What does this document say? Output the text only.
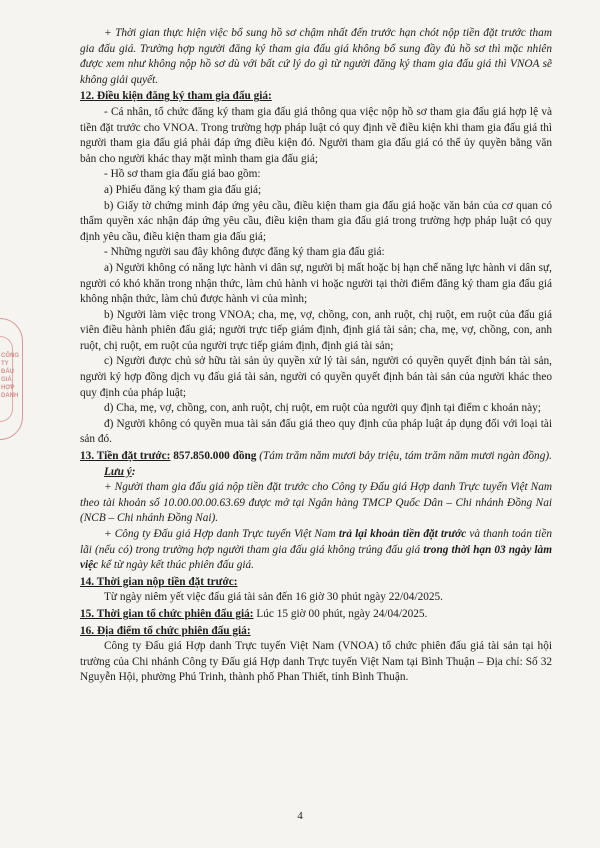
CÔNG
TY
ĐẤU
GIÁ
HỢP
DANH

+ Thời gian thực hiện việc bổ sung hồ sơ chậm nhất đến trước hạn chót nộp tiền đặt trước tham gia đấu giá. Trường hợp người đăng ký tham gia đấu giá không bổ sung đầy đủ hồ sơ thì mặc nhiên được xem như không nộp hồ sơ dù với bất cứ lý do gì từ người đăng ký tham gia đấu giá thì VNOA sẽ không giải quyết.

12. Điều kiện đăng ký tham gia đấu giá:

- Cá nhân, tổ chức đăng ký tham gia đấu giá thông qua việc nộp hồ sơ tham gia đấu giá hợp lệ và tiền đặt trước cho VNOA. Trong trường hợp pháp luật có quy định về điều kiện khi tham gia đấu giá thì người tham gia đấu giá phải đáp ứng điều kiện đó. Người tham gia đấu giá có thể ủy quyền bằng văn bản cho người khác thay mặt mình tham gia đấu giá;

- Hồ sơ tham gia đấu giá bao gồm:

a) Phiếu đăng ký tham gia đấu giá;

b) Giấy tờ chứng minh đáp ứng yêu cầu, điều kiện tham gia đấu giá hoặc văn bản của cơ quan có thẩm quyền xác nhận đáp ứng yêu cầu, điều kiện tham gia đấu giá trong trường hợp pháp luật có quy định yêu cầu, điều kiện tham gia đấu giá;

- Những người sau đây không được đăng ký tham gia đấu giá:

a) Người không có năng lực hành vi dân sự, người bị mất hoặc bị hạn chế năng lực hành vi dân sự, người có khó khăn trong nhận thức, làm chủ hành vi hoặc người tại thời điểm đăng ký tham gia đấu giá không nhận thức, làm chủ được hành vi của mình;

b) Người làm việc trong VNOA; cha, mẹ, vợ, chồng, con, anh ruột, chị ruột, em ruột của đấu giá viên điều hành phiên đấu giá; người trực tiếp giám định, định giá tài sản; cha, mẹ, vợ, chồng, con, anh ruột, chị ruột, em ruột của người trực tiếp giám định, định giá tài sản;

c) Người được chủ sở hữu tài sản ủy quyền xử lý tài sản, người có quyền quyết định bán tài sản, người ký hợp đồng dịch vụ đấu giá tài sản, người có quyền quyết định bán tài sản của người khác theo quy định của pháp luật;

d) Cha, mẹ, vợ, chồng, con, anh ruột, chị ruột, em ruột của người quy định tại điểm c khoản này;

đ) Người không có quyền mua tài sản đấu giá theo quy định của pháp luật áp dụng đối với loại tài sản đó.

13. Tiền đặt trước: 857.850.000 đồng (Tám trăm năm mươi bảy triệu, tám trăm năm mươi ngàn đồng).

Lưu ý:

+ Người tham gia đấu giá nộp tiền đặt trước cho Công ty Đấu giá Hợp danh Trực tuyến Việt Nam theo tài khoản số 10.00.00.00.63.69 được mở tại Ngân hàng TMCP Quốc Dân – Chi nhánh Đồng Nai (NCB – Chi nhánh Đồng Nai).

+ Công ty Đấu giá Hợp danh Trực tuyến Việt Nam trả lại khoản tiền đặt trước và thanh toán tiền lãi (nếu có) trong trường hợp người tham gia đấu giá không trúng đấu giá trong thời hạn 03 ngày làm việc kể từ ngày kết thúc phiên đấu giá.

14. Thời gian nộp tiền đặt trước:

Từ ngày niêm yết việc đấu giá tài sản đến 16 giờ 30 phút ngày 22/04/2025.

15. Thời gian tổ chức phiên đấu giá: Lúc 15 giờ 00 phút, ngày 24/04/2025.

16. Địa điểm tổ chức phiên đấu giá:

Công ty Đấu giá Hợp danh Trực tuyến Việt Nam (VNOA) tổ chức phiên đấu giá tài sản tại hội trường của Chi nhánh Công ty Đấu giá Hợp danh Trực tuyến Việt Nam tại Bình Thuận – Địa chỉ: Số 32 Nguyễn Hội, phường Phú Trinh, thành phố Phan Thiết, tỉnh Bình Thuận.

4
